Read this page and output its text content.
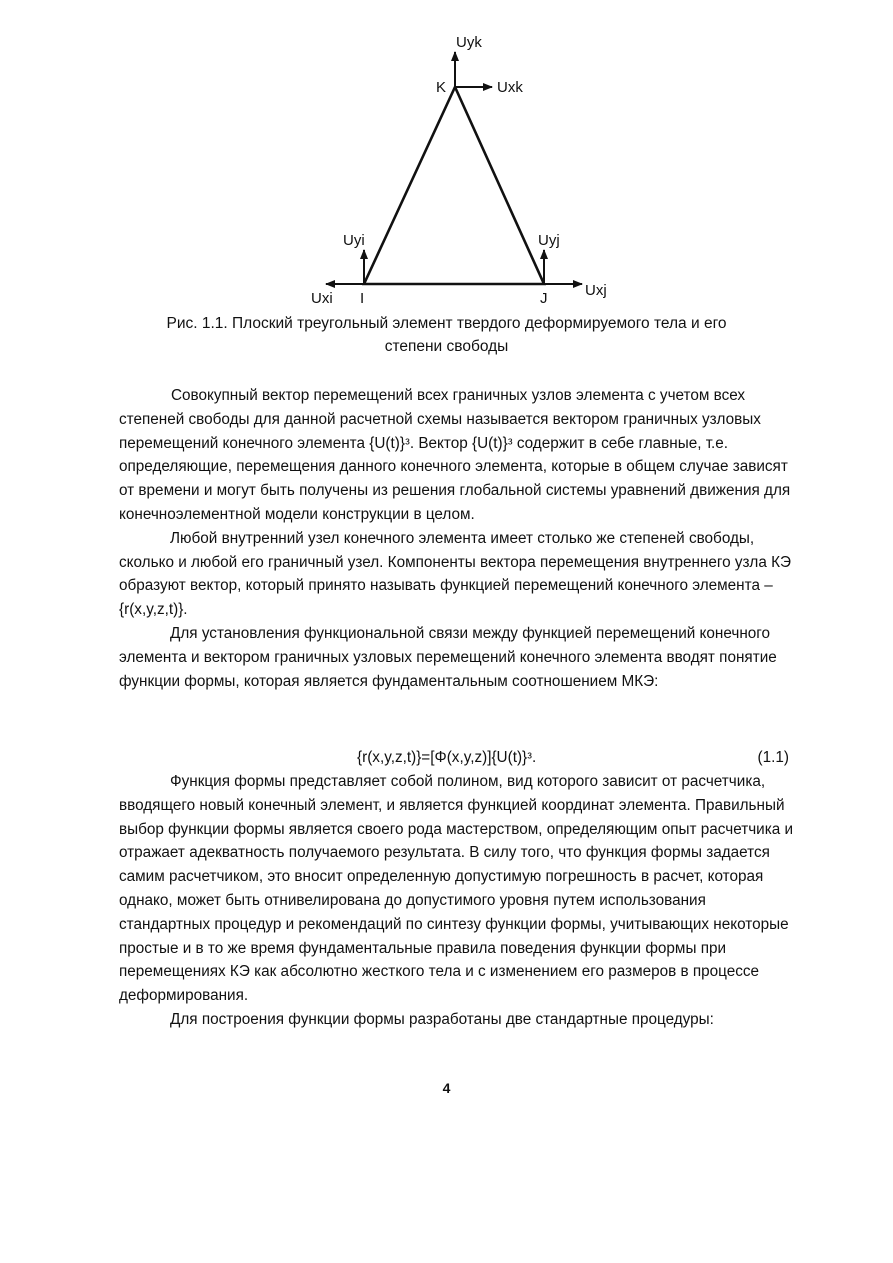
Uyk
K	Uxk
Uyi	Uyj
Uxi I	J	Uxj
Рис. 1.1. Плоский треугольный элемент твердого деформируемого тела и его
степени свободы

Совокупный вектор перемещений всех граничных узлов элемента с учетом всех степеней свободы для данной расчетной схемы называется вектором граничных узловых перемещений конечного элемента {U(t)}ᵌ. Вектор {U(t)}ᵌ содержит в себе главные, т.е. определяющие, перемещения данного конечного элемента, которые в общем случае зависят от времени и могут быть получены из решения глобальной системы уравнений движения для конечноэлементной модели конструкции в целом.

Любой внутренний узел конечного элемента имеет столько же степеней свободы, сколько и любой его граничный узел. Компоненты вектора перемещения внутреннего узла КЭ образуют вектор, который принято называть функцией перемещений конечного элемента – {r(x,y,z,t)}.

Для установления функциональной связи между функцией перемещений конечного элемента и вектором граничных узловых перемещений конечного элемента вводят понятие функции формы, которая является фундаментальным соотношением МКЭ:

{r(x,y,z,t)}=[Φ(x,y,z)]{U(t)}ᵌ.	(1.1)

Функция формы представляет собой полином, вид которого зависит от расчетчика, вводящего новый конечный элемент, и является функцией координат элемента. Правильный выбор функции формы является своего рода мастерством, определяющим опыт расчетчика и отражает адекватность получаемого результата. В силу того, что функция формы задается самим расчетчиком, это вносит определенную допустимую погрешность в расчет, которая однако, может быть отнивелирована до допустимого уровня путем использования стандартных процедур и рекомендаций по синтезу функции формы, учитывающих некоторые простые и в то же время фундаментальные правила поведения функции формы при перемещениях КЭ как абсолютно жесткого тела и с изменением его размеров в процессе деформирования.

Для построения функции формы разработаны две стандартные процедуры:

4
